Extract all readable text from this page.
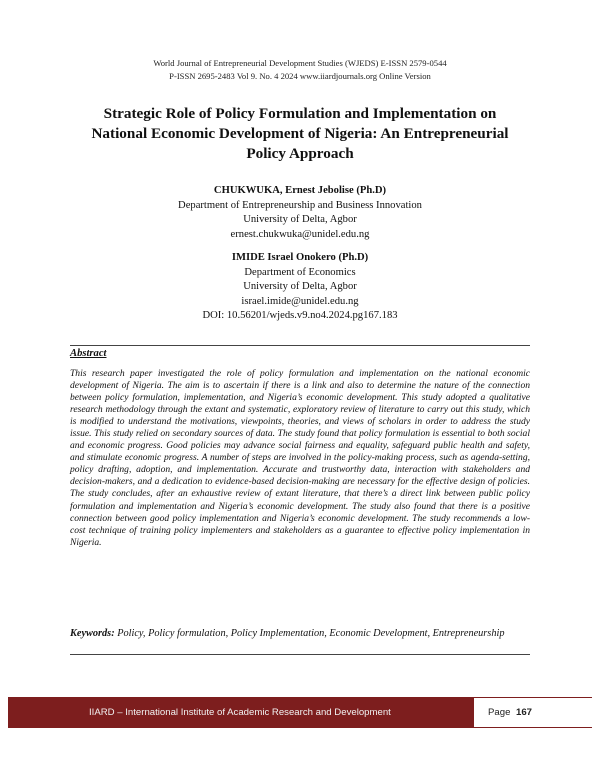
World Journal of Entrepreneurial Development Studies (WJEDS) E-ISSN 2579-0544
P-ISSN 2695-2483 Vol 9. No. 4 2024 www.iiardjournals.org Online Version
Strategic Role of Policy Formulation and Implementation on
National Economic Development of Nigeria: An Entrepreneurial
Policy Approach
CHUKWUKA, Ernest Jebolise (Ph.D)
Department of Entrepreneurship and Business Innovation
University of Delta, Agbor
ernest.chukwuka@unidel.edu.ng
IMIDE Israel Onokero (Ph.D)
Department of Economics
University of Delta, Agbor
israel.imide@unidel.edu.ng
DOI: 10.56201/wjeds.v9.no4.2024.pg167.183
Abstract

This research paper investigated the role of policy formulation and implementation on the national economic development of Nigeria. The aim is to ascertain if there is a link and also to determine the nature of the connection between policy formulation, implementation, and Nigeria’s economic development. This study adopted a qualitative research methodology through the extant and systematic, exploratory review of literature to carry out this study, which is modified to understand the motivations, viewpoints, theories, and views of scholars in order to address the study issue. This study relied on secondary sources of data. The study found that policy formulation is essential to both social and economic progress. Good policies may advance social fairness and equality, safeguard public health and safety, and stimulate economic progress. A number of steps are involved in the policy-making process, such as agenda-setting, policy drafting, adoption, and implementation. Accurate and trustworthy data, interaction with stakeholders and decision-makers, and a dedication to evidence-based decision-making are necessary for the effective design of policies. The study concludes, after an exhaustive review of extant literature, that there’s a direct link between public policy formulation and implementation and Nigeria’s economic development. The study also found that there is a positive connection between good policy implementation and Nigeria’s economic development. The study recommends a low-cost technique of training policy implementers and stakeholders as a guarantee to effective policy implementation in Nigeria.

Keywords: Policy, Policy formulation, Policy Implementation, Economic Development, Entrepreneurship

IIARD – International Institute of Academic Research and Development	Page 167
